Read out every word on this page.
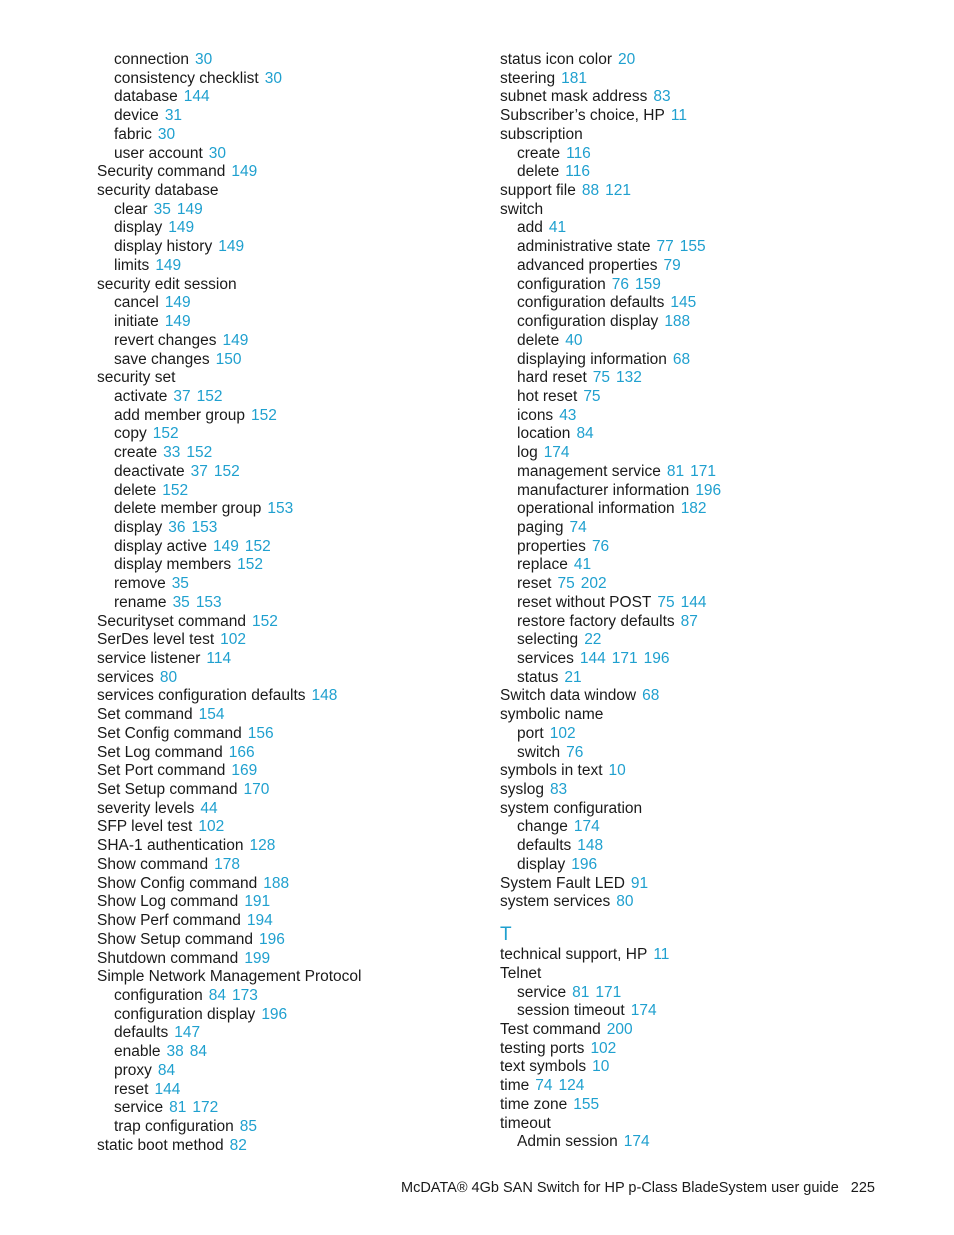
connection 30
consistency checklist 30
database 144
device 31
fabric 30
user account 30
Security command 149
security database
clear 35 149
display 149
display history 149
limits 149
security edit session
cancel 149
initiate 149
revert changes 149
save changes 150
security set
activate 37 152
add member group 152
copy 152
create 33 152
deactivate 37 152
delete 152
delete member group 153
display 36 153
display active 149 152
display members 152
remove 35
rename 35 153
Securityset command 152
SerDes level test 102
service listener 114
services 80
services configuration defaults 148
Set command 154
Set Config command 156
Set Log command 166
Set Port command 169
Set Setup command 170
severity levels 44
SFP level test 102
SHA-1 authentication 128
Show command 178
Show Config command 188
Show Log command 191
Show Perf command 194
Show Setup command 196
Shutdown command 199
Simple Network Management Protocol
configuration 84 173
configuration display 196
defaults 147
enable 38 84
proxy 84
reset 144
service 81 172
trap configuration 85
static boot method 82
status icon color 20
steering 181
subnet mask address 83
Subscriber’s choice, HP 11
subscription
create 116
delete 116
support file 88 121
switch
add 41
administrative state 77 155
advanced properties 79
configuration 76 159
configuration defaults 145
configuration display 188
delete 40
displaying information 68
hard reset 75 132
hot reset 75
icons 43
location 84
log 174
management service 81 171
manufacturer information 196
operational information 182
paging 74
properties 76
replace 41
reset 75 202
reset without POST 75 144
restore factory defaults 87
selecting 22
services 144 171 196
status 21
Switch data window 68
symbolic name
port 102
switch 76
symbols in text 10
syslog 83
system configuration
change 174
defaults 148
display 196
System Fault LED 91
system services 80
T
technical support, HP 11
Telnet
service 81 171
session timeout 174
Test command 200
testing ports 102
text symbols 10
time 74 124
time zone 155
timeout
Admin session 174
McDATA® 4Gb SAN Switch for HP p-Class BladeSystem user guide 225
